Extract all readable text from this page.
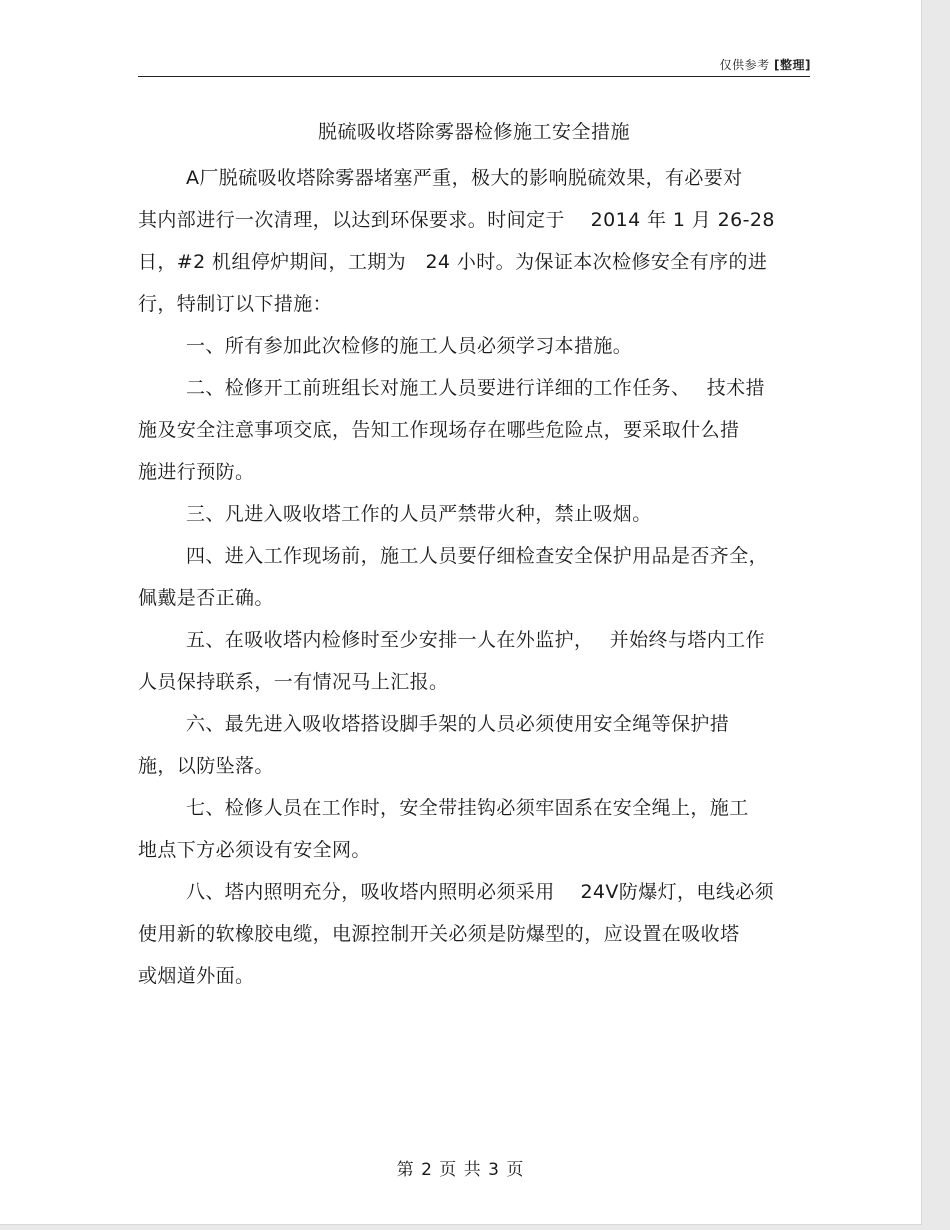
仅供参考 [整理]
脱硫吸收塔除雾器检修施工安全措施

A厂脱硫吸收塔除雾器堵塞严重，极大的影响脱硫效果，有必要对
其内部进行一次清理，以达到环保要求。时间定于　 2014 年 1 月 26-28
日，#2 机组停炉期间，工期为　24 小时。为保证本次检修安全有序的进
行，特制订以下措施：

一、所有参加此次检修的施工人员必须学习本措施。

二、检修开工前班组长对施工人员要进行详细的工作任务、　 技术措
施及安全注意事项交底，告知工作现场存在哪些危险点，要采取什么措
施进行预防。

三、凡进入吸收塔工作的人员严禁带火种，禁止吸烟。

四、进入工作现场前，施工人员要仔细检查安全保护用品是否齐全，
佩戴是否正确。

五、在吸收塔内检修时至少安排一人在外监护，　 并始终与塔内工作
人员保持联系，一有情况马上汇报。

六、最先进入吸收塔搭设脚手架的人员必须使用安全绳等保护措
施，以防坠落。

七、检修人员在工作时，安全带挂钩必须牢固系在安全绳上，施工
地点下方必须设有安全网。

八、塔内照明充分，吸收塔内照明必须采用　 24V防爆灯，电线必须
使用新的软橡胶电缆，电源控制开关必须是防爆型的，应设置在吸收塔
或烟道外面。

第 2 页 共 3 页
